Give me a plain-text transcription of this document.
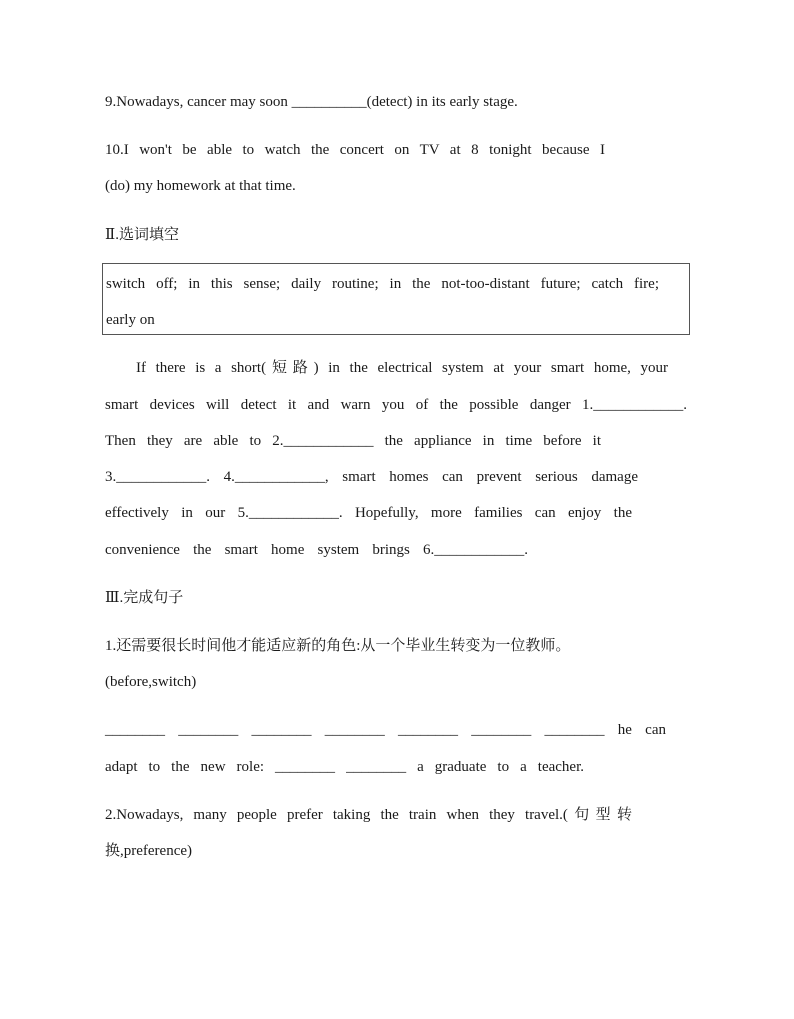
9.Nowadays, cancer may soon __________(detect) in its early stage.
10.I won't be able to watch the concert on TV at 8 tonight because I
(do) my homework at that time.
Ⅱ.选词填空
switch off; in this sense; daily routine; in the not-too-distant future; catch fire;
early on
If there is a short(短路) in the electrical system at your smart home, your
smart devices will detect it and warn you of the possible danger 1.____________.
Then they are able to 2.____________ the appliance in time before it
3.____________. 4.____________, smart homes can prevent serious damage
effectively in our 5.____________. Hopefully, more families can enjoy the
convenience the smart home system brings 6.____________.
Ⅲ.完成句子
1.还需要很长时间他才能适应新的角色:从一个毕业生转变为一位教师。
(before,switch)
________ ________ ________ ________ ________ ________ ________ he can
adapt to the new role: ________ ________ a graduate to a teacher.
2.Nowadays, many people prefer taking the train when they travel.(句型转
换,preference)
